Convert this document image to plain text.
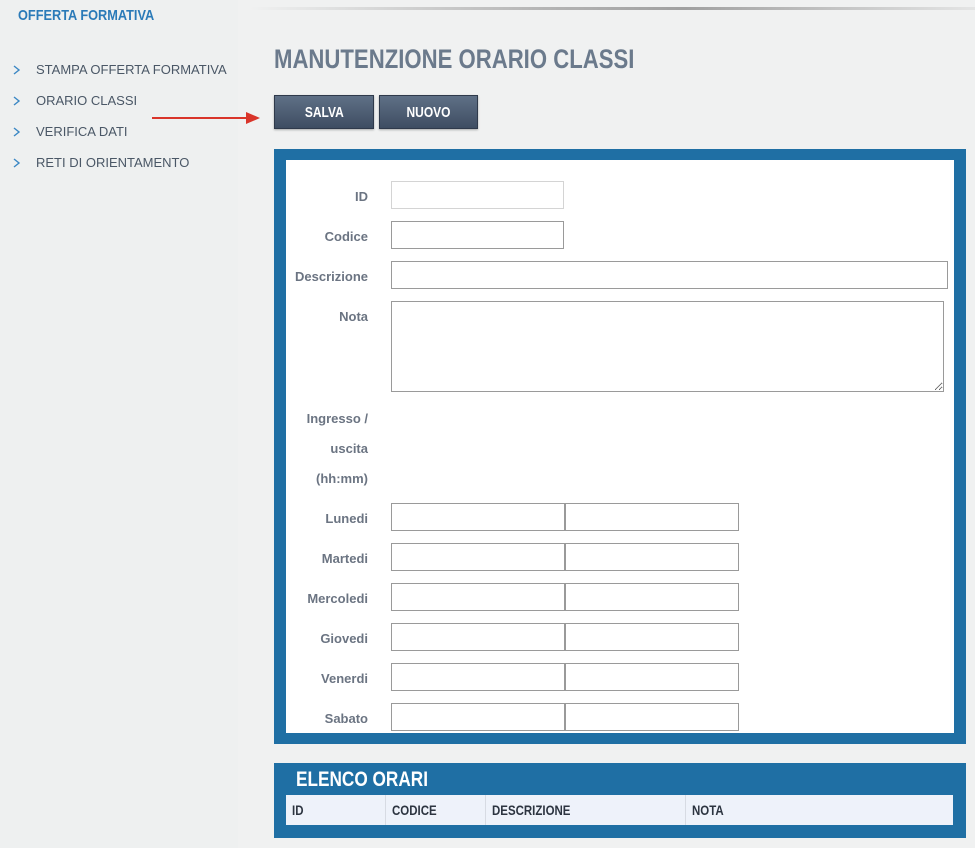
OFFERTA FORMATIVA
STAMPA OFFERTA FORMATIVA
ORARIO CLASSI
VERIFICA DATI
RETI DI ORIENTAMENTO
MANUTENZIONE ORARIO CLASSI
SALVA	NUOVO
ID
Codice
Descrizione
Nota
Ingresso /
uscita
(hh:mm)
Lunedi
Martedi
Mercoledi
Giovedi
Venerdi
Sabato
ELENCO ORARI
ID	CODICE	DESCRIZIONE	NOTA
